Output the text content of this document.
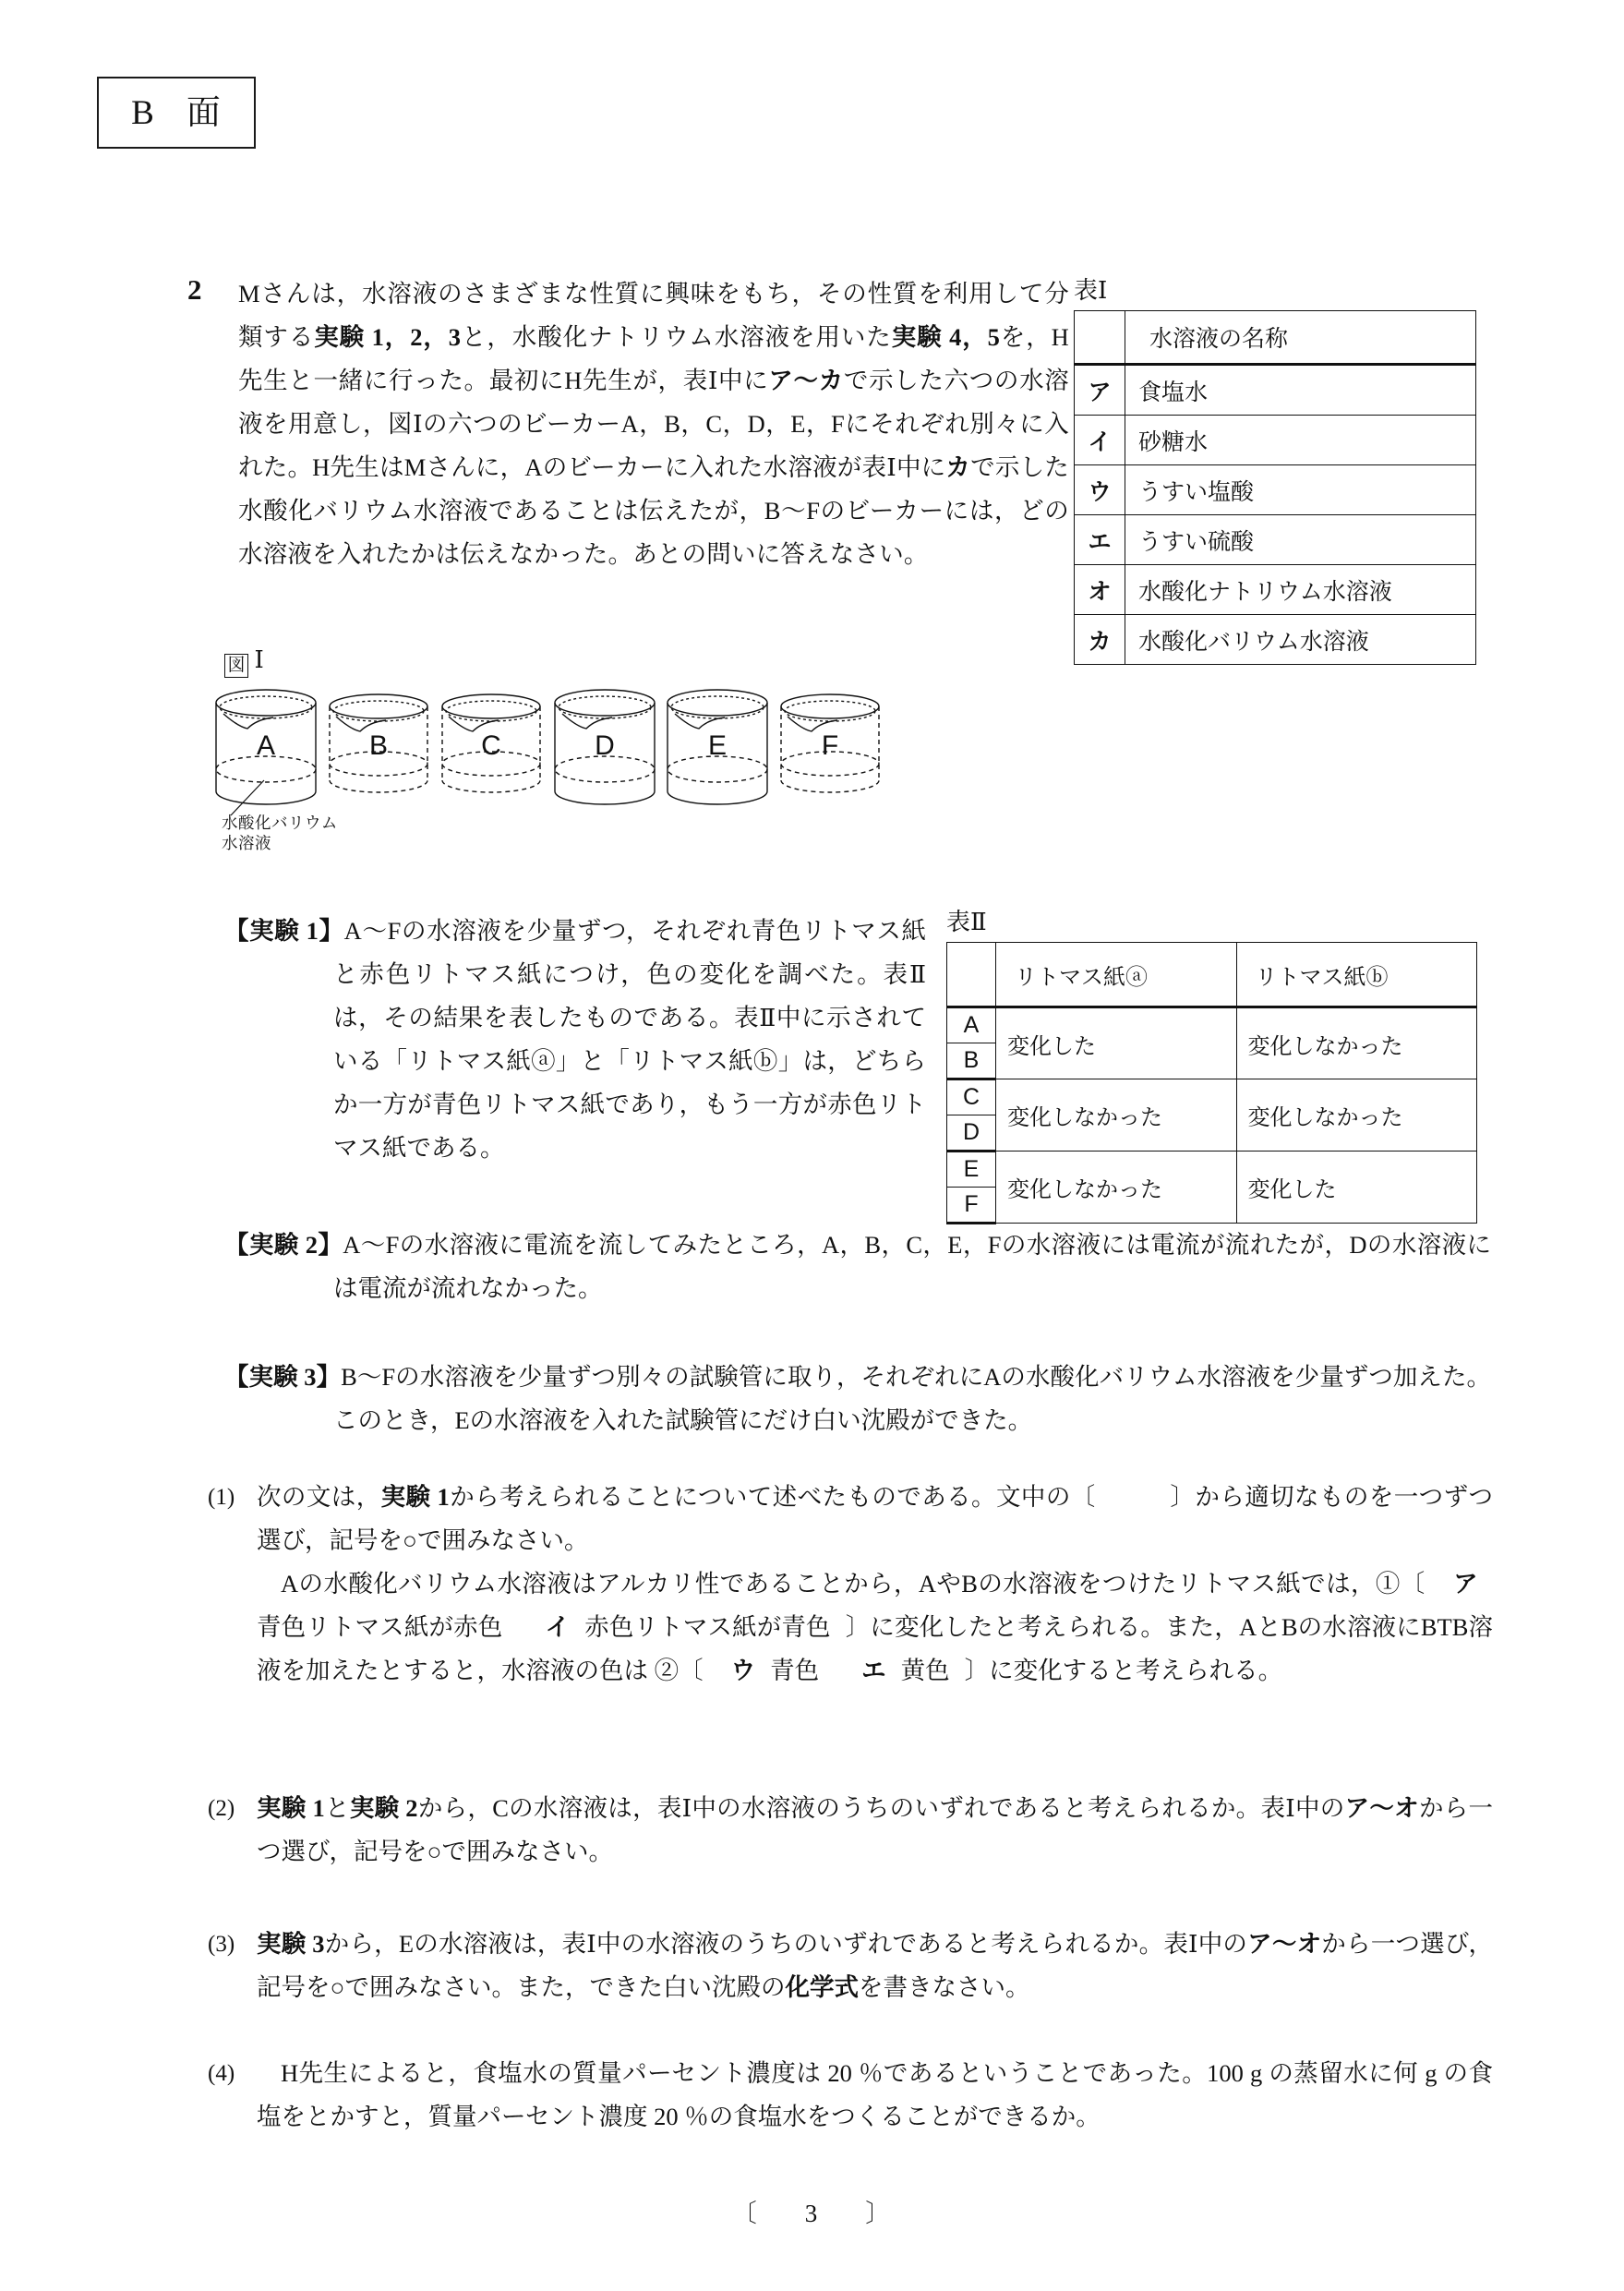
B 面
2 Mさんは，水溶液のさまざまな性質に興味をもち，その性質を利用して分類する実験 1，2，3と，水酸化ナトリウム水溶液を用いた実験 4，5を，H先生と一緒に行った。最初にH先生が，表Ⅰ中にア～カで示した六つの水溶液を用意し，図Ⅰの六つのビーカーA，B，C，D，E，Fにそれぞれ別々に入れた。H先生はMさんに，Aのビーカーに入れた水溶液が表Ⅰ中にカで示した水酸化バリウム水溶液であることは伝えたが，B～Fのビーカーには，どの水溶液を入れたかは伝えなかった。あとの問いに答えなさい。
表Ⅰ
	水溶液の名称
ア	食塩水
イ	砂糖水
ウ	うすい塩酸
エ	うすい硫酸
オ	水酸化ナトリウム水溶液
カ	水酸化バリウム水溶液
図 Ⅰ
A	B	C	D	E	F
水酸化バリウム
水溶液
【実験 1】A～Fの水溶液を少量ずつ，それぞれ青色リトマス紙と赤色リトマス紙につけ，色の変化を調べた。表Ⅱは，その結果を表したものである。表Ⅱ中に示されている「リトマス紙ⓐ」と「リトマス紙ⓑ」は，どちらか一方が青色リトマス紙であり，もう一方が赤色リトマス紙である。
表Ⅱ
	リトマス紙ⓐ	リトマス紙ⓑ

A	変化した	変化しなかった
B		
C	変化しなかった	変化しなかった
D		
E	変化しなかった	変化した
F		
【実験 2】A～Fの水溶液に電流を流してみたところ，A，B，C，E，Fの水溶液には電流が流れたが，Dの水溶液には電流が流れなかった。
【実験 3】B～Fの水溶液を少量ずつ別々の試験管に取り，それぞれにAの水酸化バリウム水溶液を少量ずつ加えた。このとき，Eの水溶液を入れた試験管にだけ白い沈殿ができた。
(1) 次の文は，実験 1から考えられることについて述べたものである。文中の〔　　　〕から適切なものを一つずつ選び，記号を○で囲みなさい。
Aの水酸化バリウム水溶液はアルカリ性であることから，AやBの水溶液をつけたリトマス紙では，①〔 ア青色リトマス紙が赤色 イ 赤色リトマス紙が青色 〕に変化したと考えられる。また，AとBの水溶液にBTB溶液を加えたとすると，水溶液の色は ②〔 ウ 青色 エ 黄色 〕に変化すると考えられる。
(2) 実験 1と実験 2から，Cの水溶液は，表Ⅰ中の水溶液のうちのいずれであると考えられるか。表Ⅰ中のア～オから一つ選び，記号を○で囲みなさい。
(3) 実験 3から，Eの水溶液は，表Ⅰ中の水溶液のうちのいずれであると考えられるか。表Ⅰ中のア～オから一つ選び，記号を○で囲みなさい。また，できた白い沈殿の化学式を書きなさい。
(4)	H先生によると，食塩水の質量パーセント濃度は 20 ％であるということであった。100 g の蒸留水に何 g の食塩をとかすと，質量パーセント濃度 20 ％の食塩水をつくることができるか。
〔 3 〕
